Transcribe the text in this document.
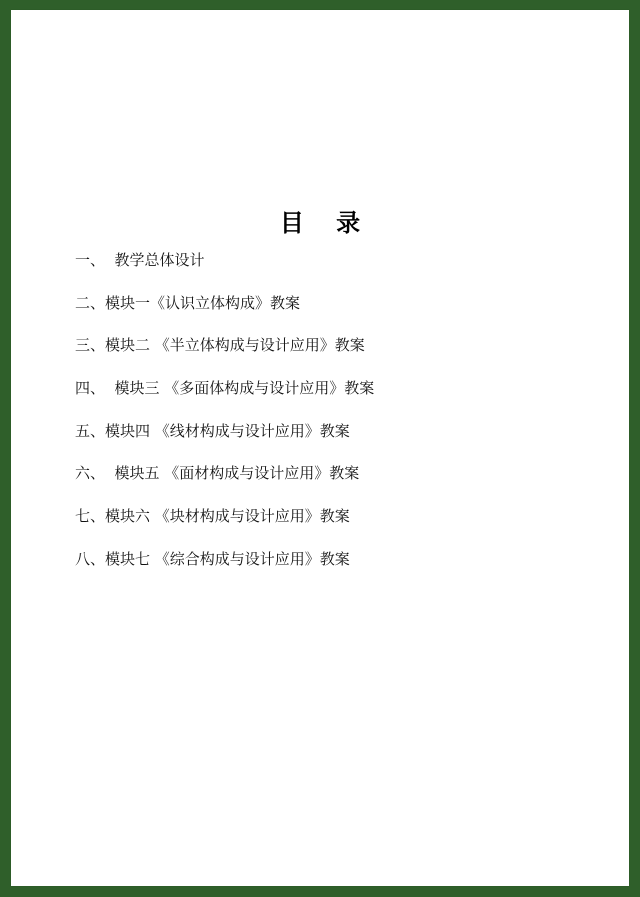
目 录
一、  教学总体设计
二、模块一《认识立体构成》教案
三、模块二 《半立体构成与设计应用》教案
四、  模块三 《多面体构成与设计应用》教案
五、模块四 《线材构成与设计应用》教案
六、  模块五 《面材构成与设计应用》教案
七、模块六 《块材构成与设计应用》教案
八、模块七 《综合构成与设计应用》教案
